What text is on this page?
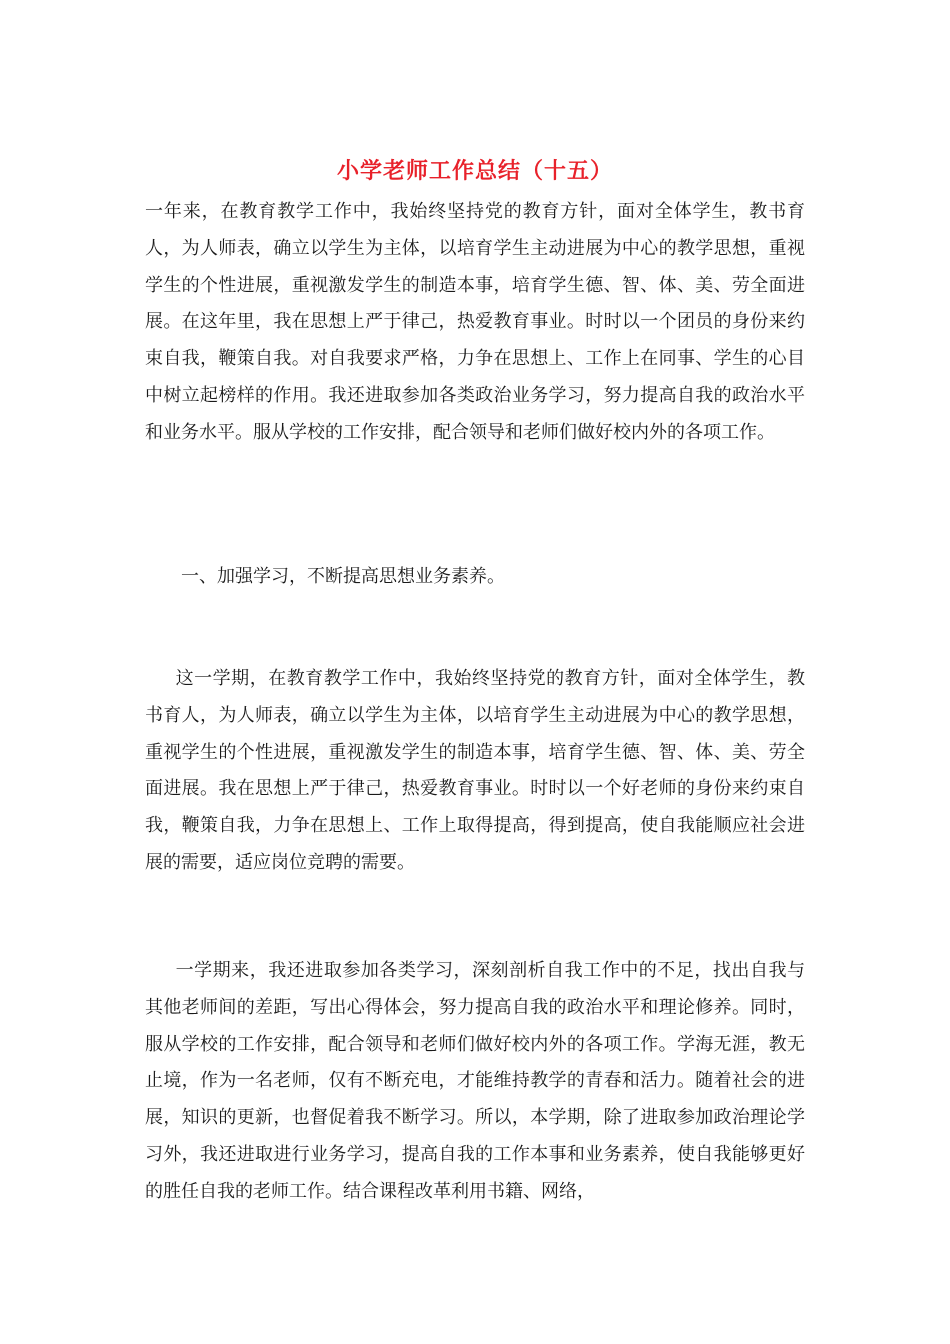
小学老师工作总结（十五）

一年来，在教育教学工作中，我始终坚持党的教育方针，面对全体学生，教书育人，为人师表，确立以学生为主体，以培育学生主动进展为中心的教学思想，重视学生的个性进展，重视激发学生的制造本事，培育学生德、智、体、美、劳全面进展。在这年里，我在思想上严于律己，热爱教育事业。时时以一个团员的身份来约束自我，鞭策自我。对自我要求严格，力争在思想上、工作上在同事、学生的心目中树立起榜样的作用。我还进取参加各类政治业务学习，努力提高自我的政治水平和业务水平。服从学校的工作安排，配合领导和老师们做好校内外的各项工作。

一、加强学习，不断提高思想业务素养。

这一学期，在教育教学工作中，我始终坚持党的教育方针，面对全体学生，教书育人，为人师表，确立以学生为主体，以培育学生主动进展为中心的教学思想，重视学生的个性进展，重视激发学生的制造本事，培育学生德、智、体、美、劳全面进展。我在思想上严于律己，热爱教育事业。时时以一个好老师的身份来约束自我，鞭策自我，力争在思想上、工作上取得提高，得到提高，使自我能顺应社会进展的需要，适应岗位竞聘的需要。

一学期来，我还进取参加各类学习，深刻剖析自我工作中的不足，找出自我与其他老师间的差距，写出心得体会，努力提高自我的政治水平和理论修养。同时，服从学校的工作安排，配合领导和老师们做好校内外的各项工作。学海无涯，教无止境，作为一名老师，仅有不断充电，才能维持教学的青春和活力。随着社会的进展，知识的更新，也督促着我不断学习。所以，本学期，除了进取参加政治理论学习外，我还进取进行业务学习，提高自我的工作本事和业务素养，使自我能够更好的胜任自我的老师工作。结合课程改革利用书籍、网络，
